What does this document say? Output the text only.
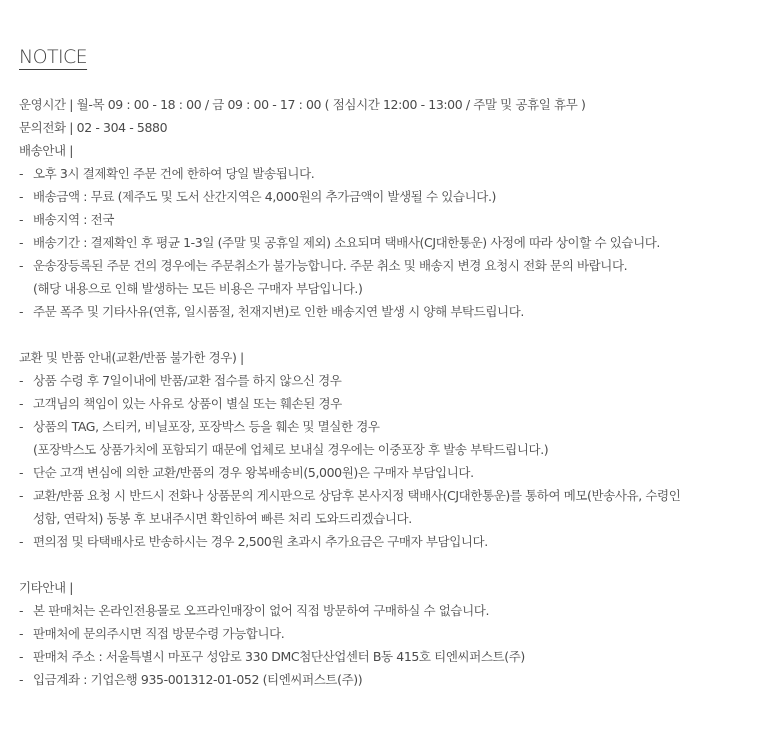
NOTICE
운영시간 | 월-목 09 : 00 - 18 : 00 / 금 09 : 00 - 17 : 00 ( 점심시간 12:00 - 13:00 / 주말 및 공휴일 휴무 )
문의전화 | 02 - 304 - 5880
배송안내 |
- 오후 3시 결제확인 주문 건에 한하여 당일 발송됩니다.
- 배송금액 : 무료 (제주도 및 도서 산간지역은 4,000원의 추가금액이 발생될 수 있습니다.)
- 배송지역 : 전국
- 배송기간 : 결제확인 후 평균 1-3일 (주말 및 공휴일 제외) 소요되며 택배사(CJ대한통운) 사정에 따라 상이할 수 있습니다.
- 운송장등록된 주문 건의 경우에는 주문취소가 불가능합니다. 주문 취소 및 배송지 변경 요청시 전화 문의 바랍니다.
(해당 내용으로 인해 발생하는 모든 비용은 구매자 부담입니다.)
- 주문 폭주 및 기타사유(연휴, 일시품절, 천재지변)로 인한 배송지연 발생 시 양해 부탁드립니다.
교환 및 반품 안내(교환/반품 불가한 경우) |
- 상품 수령 후 7일이내에 반품/교환 접수를 하지 않으신 경우
- 고객님의 책임이 있는 사유로 상품이 별실 또는 훼손된 경우
- 상품의 TAG, 스티커, 비닐포장, 포장박스 등을 훼손 및 멸실한 경우
(포장박스도 상품가치에 포함되기 때문에 업체로 보내실 경우에는 이중포장 후 발송 부탁드립니다.)
- 단순 고객 변심에 의한 교환/반품의 경우 왕복배송비(5,000원)은 구매자 부담입니다.
- 교환/반품 요청 시 반드시 전화나 상품문의 게시판으로 상담후 본사지정 택배사(CJ대한통운)를 통하여 메모(반송사유, 수령인
성함, 연락처) 동봉 후 보내주시면 확인하여 빠른 처리 도와드리겠습니다.
- 편의점 및 타택배사로 반송하시는 경우 2,500원 초과시 추가요금은 구매자 부담입니다.
기타안내 |
- 본 판매처는 온라인전용몰로 오프라인매장이 없어 직접 방문하여 구매하실 수 없습니다.
- 판매처에 문의주시면 직접 방문수령 가능합니다.
- 판매처 주소 : 서울특별시 마포구 성암로 330 DMC첨단산업센터 B동 415호 티엔씨퍼스트(주)
- 입금계좌 : 기업은행 935-001312-01-052 (티엔씨퍼스트(주))
